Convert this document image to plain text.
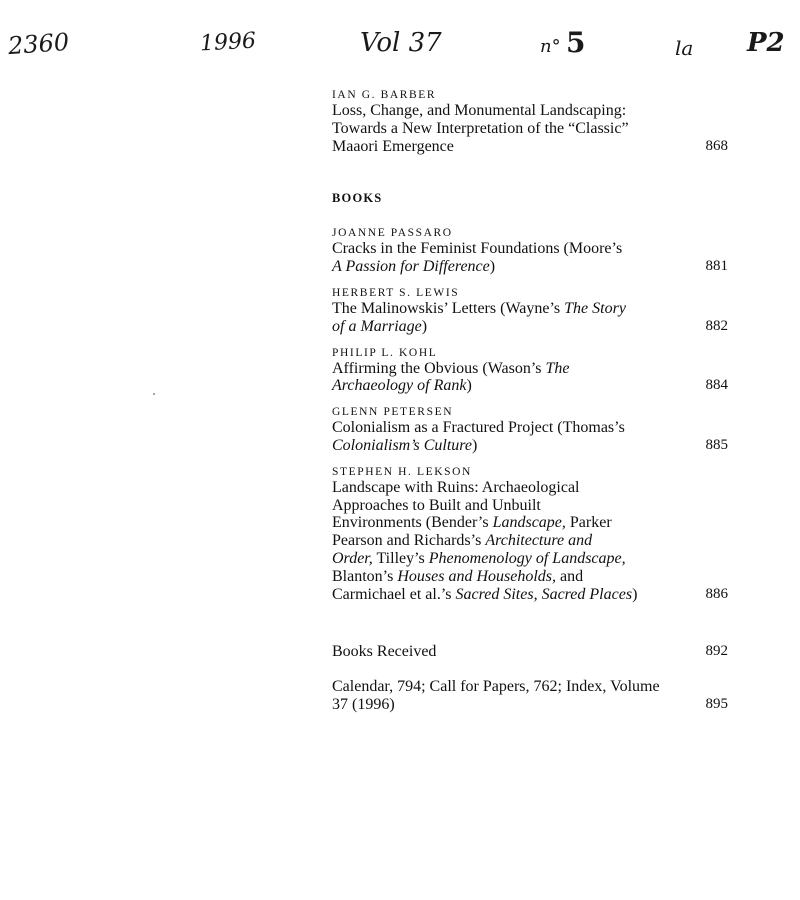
2360	1996	Vol 37	n° 5	la P2
IAN G. BARBER
Loss, Change, and Monumental Landscaping:
Towards a New Interpretation of the “Classic”
Maaori Emergence	868
BOOKS
JOANNE PASSARO
Cracks in the Feminist Foundations (Moore’s
A Passion for Difference)	881
HERBERT S. LEWIS
The Malinowskis’ Letters (Wayne’s The Story
of a Marriage)	882
PHILIP L. KOHL
Affirming the Obvious (Wason’s The
Archaeology of Rank)	884
GLENN PETERSEN
Colonialism as a Fractured Project (Thomas’s
Colonialism’s Culture)	885
STEPHEN H. LEKSON
Landscape with Ruins: Archaeological
Approaches to Built and Unbuilt
Environments (Bender’s Landscape, Parker
Pearson and Richards’s Architecture and
Order, Tilley’s Phenomenology of Landscape,
Blanton’s Houses and Households, and
Carmichael et al.’s Sacred Sites, Sacred Places)	886
Books Received	892
Calendar, 794; Call for Papers, 762; Index, Volume
37 (1996)	895
